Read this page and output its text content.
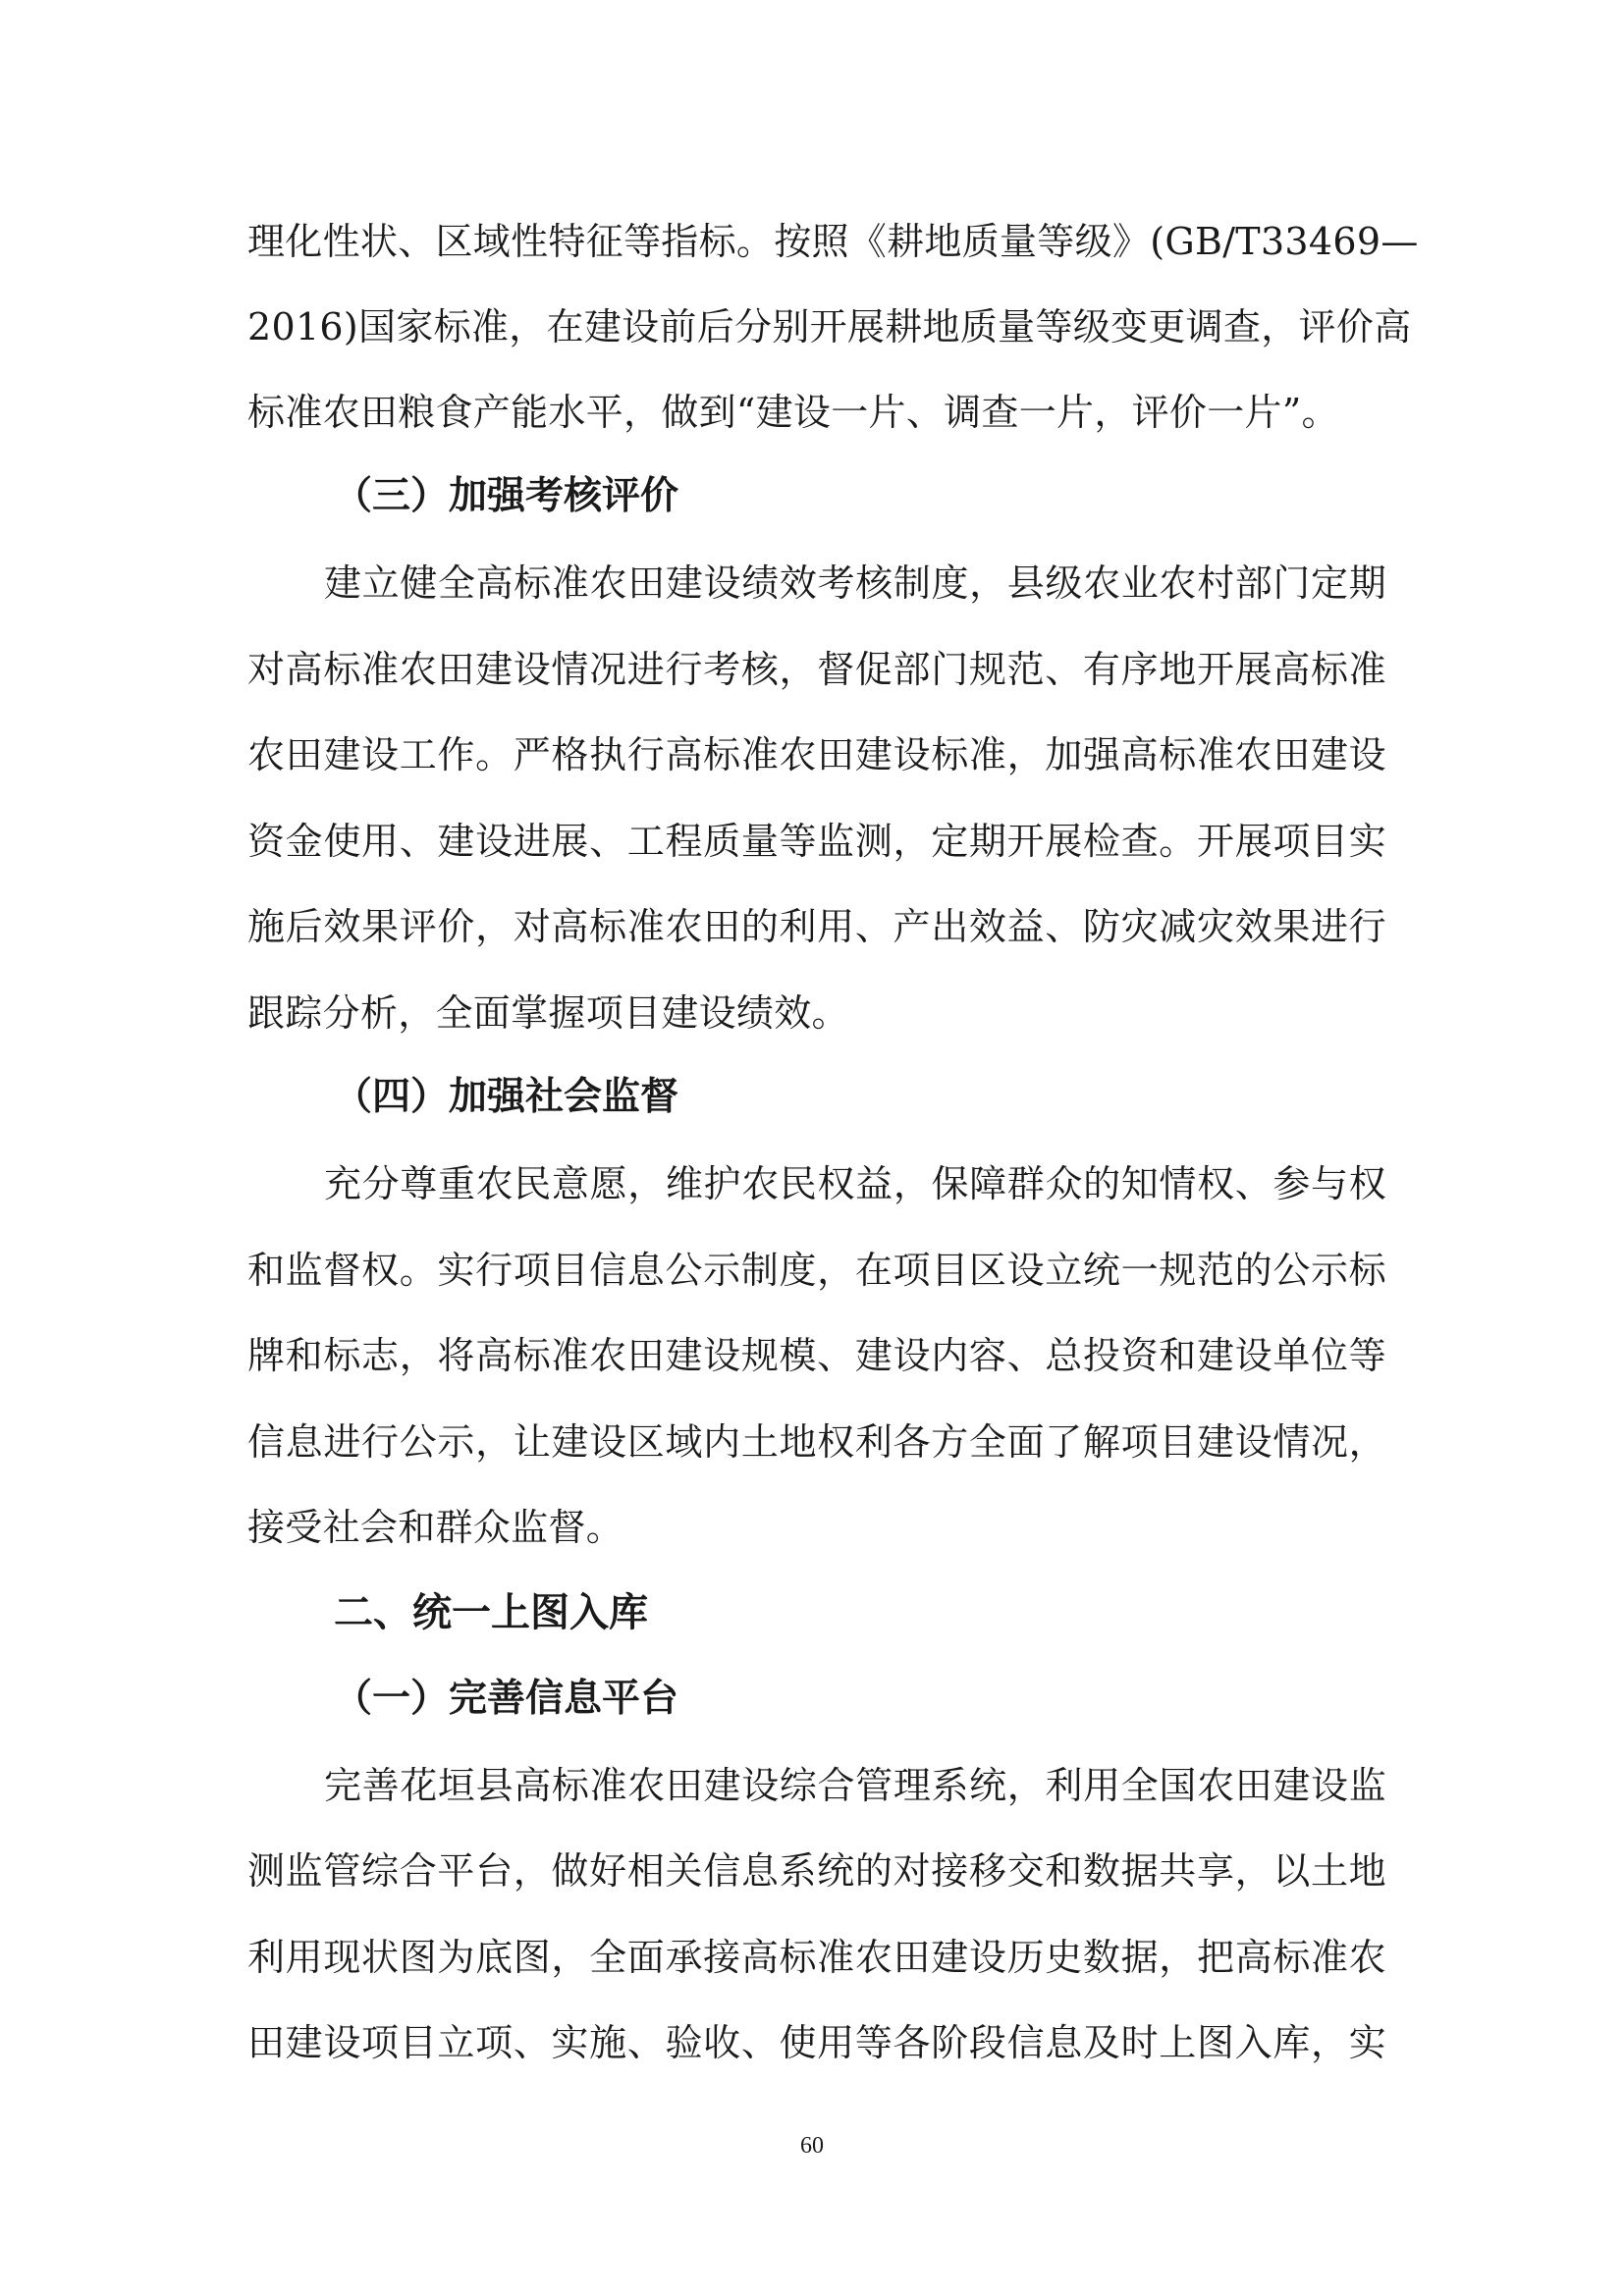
理化性状、区域性特征等指标。按照《耕地质量等级》(GB/T33469—
2016)国家标准，在建设前后分别开展耕地质量等级变更调查，评价高
标准农田粮食产能水平，做到“建设一片、调查一片，评价一片”。
（三）加强考核评价
建立健全高标准农田建设绩效考核制度，县级农业农村部门定期
对高标准农田建设情况进行考核，督促部门规范、有序地开展高标准
农田建设工作。严格执行高标准农田建设标准，加强高标准农田建设
资金使用、建设进展、工程质量等监测，定期开展检查。开展项目实
施后效果评价，对高标准农田的利用、产出效益、防灾减灾效果进行
跟踪分析，全面掌握项目建设绩效。
（四）加强社会监督
充分尊重农民意愿，维护农民权益，保障群众的知情权、参与权
和监督权。实行项目信息公示制度，在项目区设立统一规范的公示标
牌和标志，将高标准农田建设规模、建设内容、总投资和建设单位等
信息进行公示，让建设区域内土地权利各方全面了解项目建设情况，
接受社会和群众监督。
二、统一上图入库
（一）完善信息平台
完善花垣县高标准农田建设综合管理系统，利用全国农田建设监
测监管综合平台，做好相关信息系统的对接移交和数据共享，以土地
利用现状图为底图，全面承接高标准农田建设历史数据，把高标准农
田建设项目立项、实施、验收、使用等各阶段信息及时上图入库，实
60
